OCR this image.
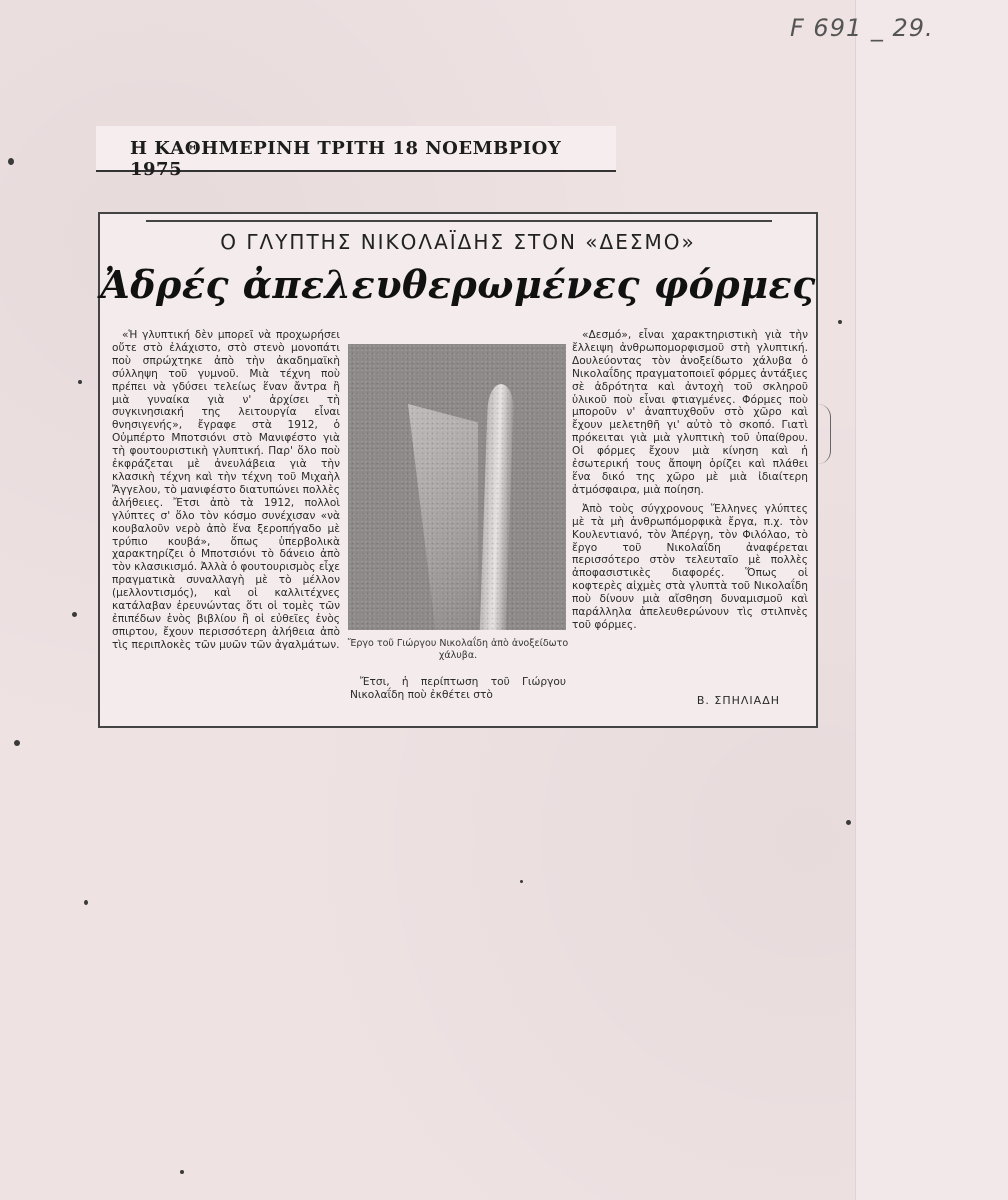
F 691 _ 29.
Η ΚΑΘΗΜΕΡΙΝΗ ΤΡΙΤΗ 18 ΝΟΕΜΒΡΙΟΥ 1975
Ο ΓΛΥΠΤΗΣ ΝΙΚΟΛΑΪΔΗΣ ΣΤΟΝ «ΔΕΣΜΟ»
Ἀδρές ἀπελευθερωμένες φόρμες

«Ἡ γλυπτική δὲν μπορεῖ νὰ προχωρήσει οὔτε στὸ ἐλάχιστο, στὸ στενὸ μονοπάτι ποὺ σπρώχτηκε ἀπὸ τὴν ἀκαδημαϊκὴ σύλληψη τοῦ γυμνοῦ. Μιὰ τέχνη ποὺ πρέπει νὰ γδύσει τελείως ἕναν ἄντρα ἢ μιὰ γυναίκα γιὰ ν' ἀρχίσει τὴ συγκινησιακή της λειτουργία εἶναι θνησιγενής», ἔγραφε στὰ 1912, ὁ Οὐμπέρτο Μποτσιόνι στὸ Μανιφέστο γιὰ τὴ φουτουριστικὴ γλυπτική. Παρ' ὅλο ποὺ ἐκφράζεται μὲ ἀνευλάβεια γιὰ τὴν κλασικὴ τέχνη καὶ τὴν τέχνη τοῦ Μιχαὴλ Ἄγγελου, τὸ μανιφέστο διατυπώνει πολλὲς ἀλήθειες. Ἔτσι ἀπὸ τὰ 1912, πολλοὶ γλύπτες σ' ὅλο τὸν κόσμο συνέχισαν «νὰ κουβαλοῦν νερὸ ἀπὸ ἕνα ξεροπήγαδο μὲ τρύπιο κουβά», ὅπως ὑπερβολικὰ χαρακτηρίζει ὁ Μποτσιόνι τὸ δάνειο ἀπὸ τὸν κλασικισμό. Ἀλλὰ ὁ φουτουρισμὸς εἶχε πραγματικὰ συναλλαγὴ μὲ τὸ μέλλον (μελλοντισμός), καὶ οἱ καλλιτέχνες κατάλαβαν ἐρευνώντας ὅτι οἱ τομὲς τῶν ἐπιπέδων ἑνὸς βιβλίου ἢ οἱ εὐθεῖες ἑνὸς σπιρτου, ἔχουν περισσότερη ἀλήθεια ἀπὸ τὶς περιπλοκὲς τῶν μυῶν τῶν ἀγαλμάτων. Ἔργο τοῦ Γιώργου Νικολαΐδη ἀπὸ ἀνοξείδωτο χάλυβα.
Ἔτσι, ἡ περίπτωση τοῦ Γιώργου Νικολαΐδη ποὺ ἐκθέτει στὸ

«Δεσμό», εἶναι χαρακτηριστικὴ γιὰ τὴν ἔλλειψη ἀνθρωπομορφισμοῦ στὴ γλυπτική. Δουλεύοντας τὸν ἀνοξείδωτο χάλυβα ὁ Νικολαΐδης πραγματοποιεῖ φόρμες ἀντάξιες σὲ ἀδρότητα καὶ ἀντοχὴ τοῦ σκληροῦ ὑλικοῦ ποὺ εἶναι φτιαγμένες. Φόρμες ποὺ μποροῦν ν' ἀναπτυχθοῦν στὸ χῶρο καὶ ἔχουν μελετηθῆ γι' αὐτὸ τὸ σκοπό. Γιατὶ πρόκειται γιὰ μιὰ γλυπτικὴ τοῦ ὑπαίθρου. Οἱ φόρμες ἔχουν μιὰ κίνηση καὶ ἡ ἐσωτερική τους ἄποψη ὁρίζει καὶ πλάθει ἕνα δικό της χῶρο μὲ μιὰ ἰδιαίτερη ἀτμόσφαιρα, μιὰ ποίηση.

Ἀπὸ τοὺς σύγχρονους Ἕλληνες γλύπτες μὲ τὰ μὴ ἀνθρωπόμορφικὰ ἔργα, π.χ. τὸν Κουλεντιανό, τὸν Ἀπέργη, τὸν Φιλόλαο, τὸ ἔργο τοῦ Νικολαΐδη ἀναφέρεται περισσότερο στὸν τελευταῖο μὲ πολλὲς ἀποφασιστικὲς διαφορές. Ὅπως οἱ κοφτερὲς αἰχμὲς στὰ γλυπτὰ τοῦ Νικολαΐδη ποὺ δίνουν μιὰ αἴσθηση δυναμισμοῦ καὶ παράλληλα ἀπελευθερώνουν τὶς στιλπνὲς τοῦ φόρμες.

Β. ΣΠΗΛΙΑΔΗ
